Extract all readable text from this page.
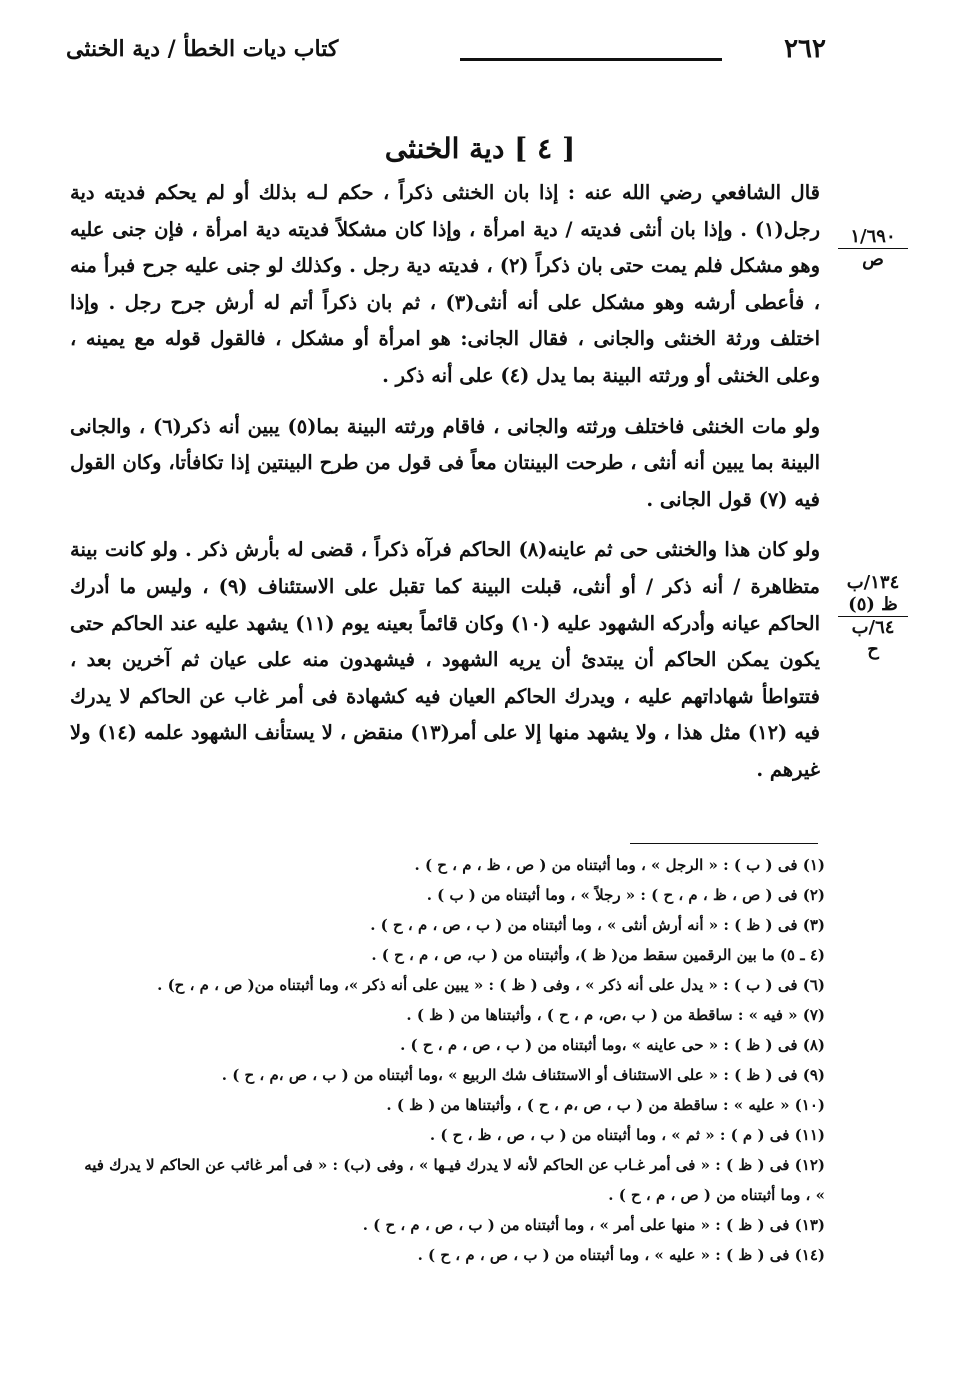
٢٦٢
كتاب ديات الخطأ / دية الخنثى
[ ٤ ] دية الخنثى
١/٦٩٠
ص
١٣٤/ب
ظ (٥)
٦٤/ب
ح

قال الشافعي رضي الله عنه : إذا بان الخنثى ذكراً ، حكم لـه بذلك أو لم يحكم فديته دية رجل(١) . وإذا بان أنثى فديته / دية امرأة ، وإذا كان مشكلاً فديته دية امرأة ، فإن جنى عليه وهو مشكل فلم يمت حتى بان ذكراً (٢) ، فديته دية رجل . وكذلك لو جنى عليه جرح فبرأ منه ، فأعطى أرشه وهو مشكل على أنه أنثى(٣) ، ثم بان ذكراً أتم له أرش جرح رجل . وإذا اختلف ورثة الخنثى والجانى ، فقال الجانى: هو امرأة أو مشكل ، فالقول قوله مع يمينه ، وعلى الخنثى أو ورثته البينة بما يدل (٤) على أنه ذكر .

ولو مات الخنثى فاختلف ورثته والجانى ، فاقام ورثته البينة بما(٥) يبين أنه ذكر(٦) ، والجانى البينة بما يبين أنه أنثى ، طرحت البينتان معاً فى قول من طرح البينتين إذا تكافأتا، وكان القول فيه (٧) قول الجانى .

ولو كان هذا والخنثى حى ثم عاينه(٨) الحاكم فرآه ذكراً ، قضى له بأرش ذكر . ولو كانت بينة متظاهرة / أنه ذكر / أو أنثى، قبلت البينة كما تقبل على الاستئناف (٩) ، وليس ما أدرك الحاكم عيانه وأدركه الشهود عليه (١٠) وكان قائماً بعينه يوم (١١) يشهد عليه عند الحاكم حتى يكون يمكن الحاكم أن يبتدئ أن يريه الشهود ، فيشهدون منه على عيان ثم آخرين بعد ، فتتواطأ شهاداتهم عليه ، ويدرك الحاكم العيان فيه كشهادة فى أمر غاب عن الحاكم لا يدرك فيه (١٢) مثل هذا ، ولا يشهد منها إلا على أمر(١٣) منقض ، لا يستأنف الشهود علمه (١٤) ولا غيرهم .

(١) فى ( ب ) : « الرجل » ، وما أثبتناه من ( ص ، ظ ، م ، ح ) .
(٢) فى ( ص ، ظ ، م ، ح ) : « رجلاً » ، وما أثبتناه من ( ب ) .
(٣) فى ( ظ ) : « أنه أرش أنثى » ، وما أثبتناه من ( ب ، ص ، م ، ح ) .
(٤ ـ ٥) ما بين الرقمين سقط من( ظ )، وأثبتناه من ( ب، ص ، م ، ح ) .
(٦) فى ( ب ) : « يدل على أنه ذكر » ، وفى ( ظ ) : « يبين على أنه ذكر »، وما أثبتناه من( ص ، م ، ح) .
(٧) « فيه » : ساقطة من ( ب ،ص، م ، ح ) ، وأثبتناها من ( ظ ) .
(٨) فى ( ظ ) : « حى عاينه » ،وما أثبتناه من ( ب ، ص ، م ، ح ) .
(٩) فى ( ظ ) : « على الاستئناف أو الاستئناف شك الربيع » ،وما أثبتناه من ( ب ، ص ،م ، ح ) .
(١٠) « عليه » : ساقطة من ( ب ، ص ،م ، ح ) ، وأثبتناها من ( ظ ) .
(١١) فى ( م ) : « ثم » ، وما أثبتناه من ( ب ، ص ، ظ ، ح ) .
(١٢) فى ( ظ ) : « فى أمر غـاب عن الحاكم لأنه لا يدرك فيـها » ، وفى (ب) : « فى أمر غائب عن الحاكم لا يدرك فيه » ، وما أثبتناه من ( ص ، م ، ح ) .
(١٣) فى ( ظ ) : « منها على أمر » ، وما أثبتناه من ( ب ، ص ، م ، ح ) .
(١٤) فى ( ظ ) : « عليه » ، وما أثبتناه من ( ب ، ص ، م ، ح ) .
